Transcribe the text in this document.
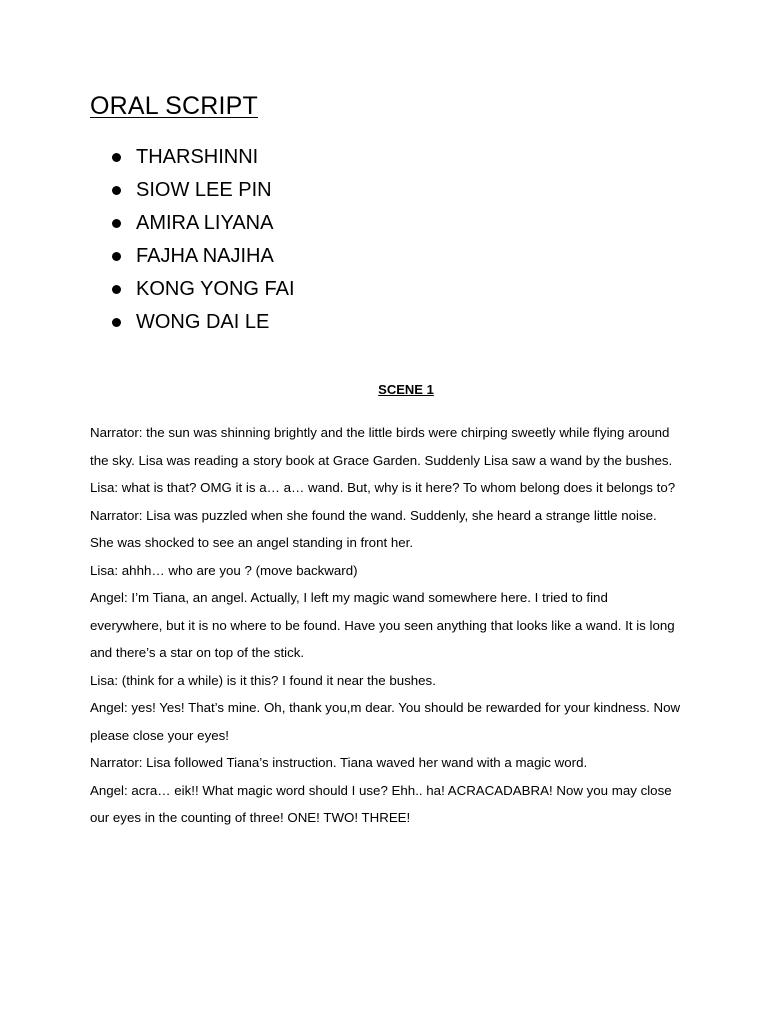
ORAL SCRIPT
THARSHINNI
SIOW LEE PIN
AMIRA LIYANA
FAJHA NAJIHA
KONG YONG FAI
WONG DAI LE
SCENE 1

Narrator: the sun was shinning brightly and the little birds were chirping sweetly while flying around the sky. Lisa was reading a story book at Grace Garden. Suddenly Lisa saw a wand by the bushes.

Lisa: what is that? OMG it is a… a… wand. But, why is it here? To whom belong does it belongs to?

Narrator: Lisa was puzzled when she found the wand. Suddenly, she heard a strange little noise. She was shocked to see an angel standing in front her.

Lisa: ahhh… who are you ? (move backward)

Angel: I’m Tiana, an angel. Actually, I left my magic wand somewhere here. I tried to find everywhere, but it is no where to be found. Have you seen anything that looks like a wand. It is long and there’s a star on top of the stick.

Lisa: (think for a while) is it this? I found it near the bushes.

Angel: yes! Yes! That’s mine. Oh, thank you,m dear. You should be rewarded for your kindness. Now please close your eyes!

Narrator: Lisa followed Tiana’s instruction. Tiana waved her wand with a magic word.

Angel: acra… eik!! What magic word should I use? Ehh.. ha! ACRACADABRA! Now you may close our eyes in the counting of three! ONE! TWO! THREE!
